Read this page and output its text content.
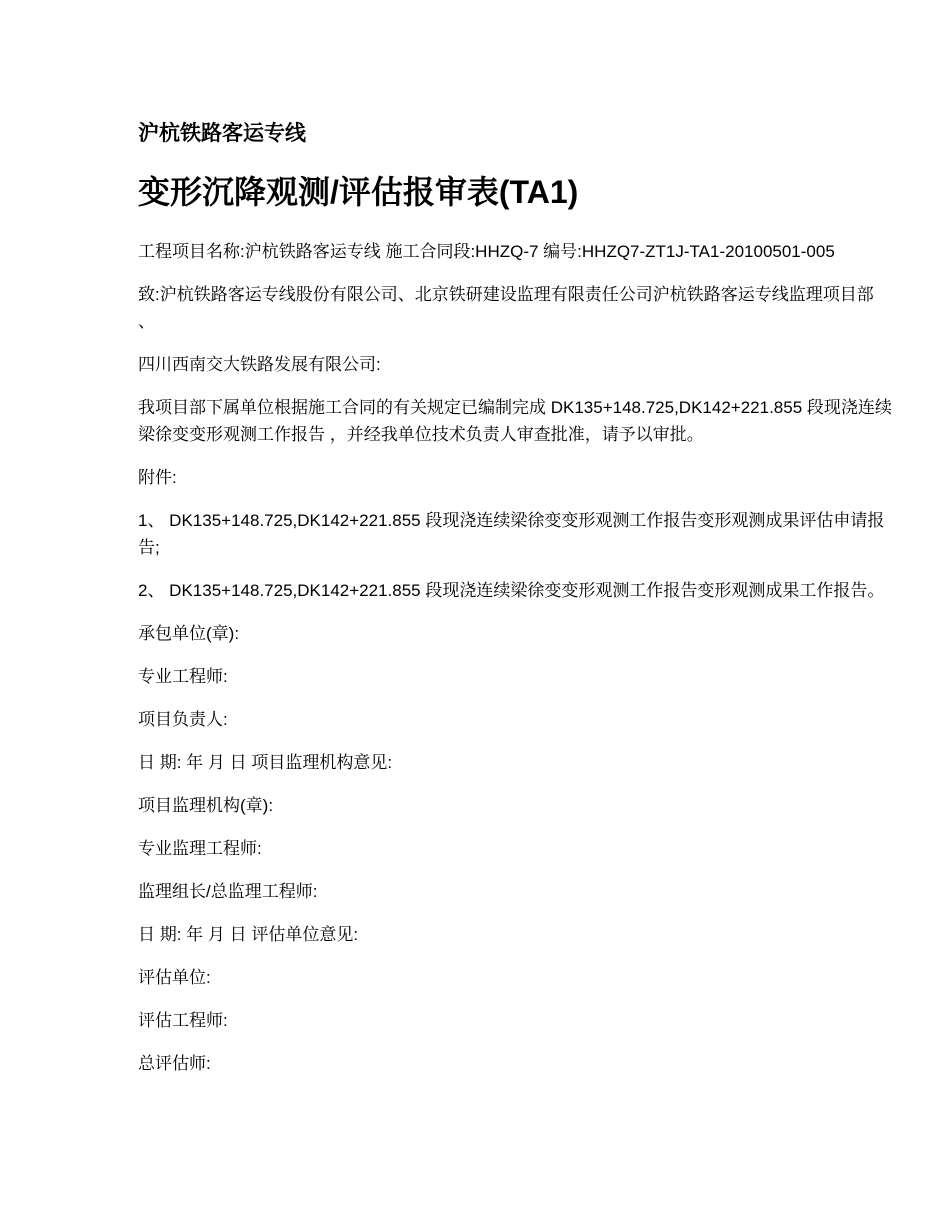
沪杭铁路客运专线
变形沉降观测/评估报审表(TA1)

工程项目名称:沪杭铁路客运专线 施工合同段:HHZQ-7 编号:HHZQ7-ZT1J-TA1-20100501-005

致:沪杭铁路客运专线股份有限公司、北京铁研建设监理有限责任公司沪杭铁路客运专线监理项目部 、

四川西南交大铁路发展有限公司:

我项目部下属单位根据施工合同的有关规定已编制完成 DK135+148.725,DK142+221.855 段现浇连续梁徐变变形观测工作报告 ，并经我单位技术负责人审查批准，请予以审批。

附件:

1、 DK135+148.725,DK142+221.855 段现浇连续梁徐变变形观测工作报告变形观测成果评估申请报告;

2、 DK135+148.725,DK142+221.855 段现浇连续梁徐变变形观测工作报告变形观测成果工作报告。

承包单位(章):

专业工程师:

项目负责人:

日 期: 年 月 日 项目监理机构意见:

项目监理机构(章):

专业监理工程师:

监理组长/总监理工程师:

日 期: 年 月 日 评估单位意见:

评估单位:

评估工程师:

总评估师:
